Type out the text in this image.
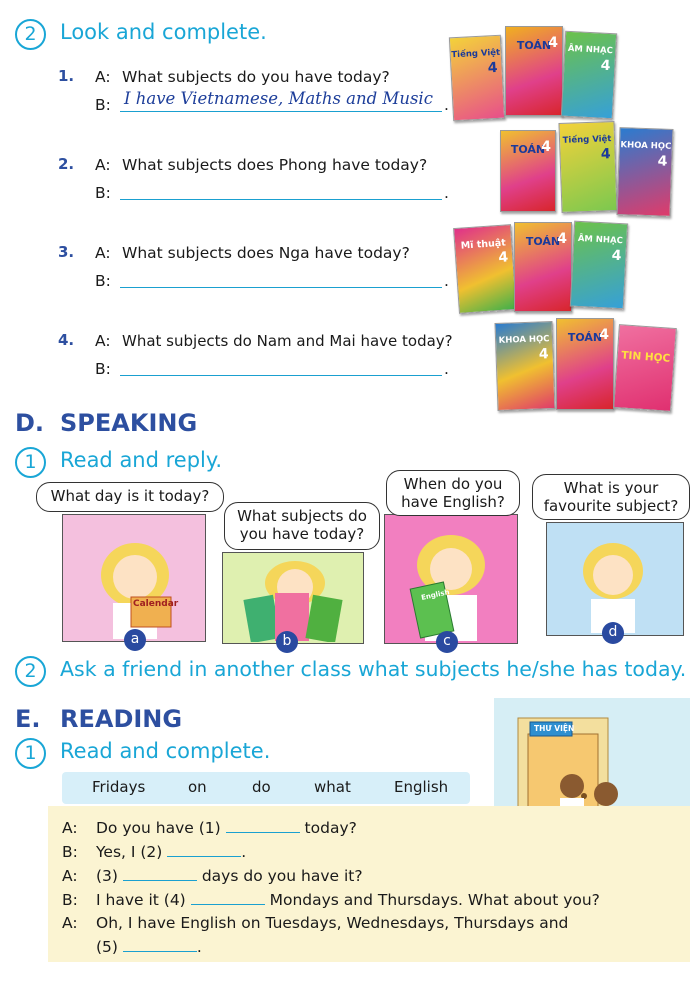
2	Look and complete.
1. A: What subjects do you have today?
B: I have Vietnamese, Maths and Music .
2. A: What subjects does Phong have today?
B:	.
3. A: What subjects does Nga have today?
B:	.
4. A: What subjects do Nam and Mai have today?
B:	.
Tiếng Việt
4
TOÁN
4 ÂM NHẠC
4
TOÁN
4	Tiếng Việt
4
KHOA HỌC
4
Mĩ thuật
4
TOÁN
4	ÂM NHẠC
4
KHOA HỌC
4
TOÁN
4
TIN HỌC
D. SPEAKING
1	Read and reply.
Calendar
a
What day is it today?
b
What subjects do you have today?
English
c
When do you have English?
d
What is your favourite subject?
2	Ask a friend in another class what subjects he/she has today.
E. READING
1	Read and complete.
THƯ VIỆN
Fridays	on	do	what	English
A: Do you have (1)	today?
B: Yes, I (2)	.
A: (3)	days do you have it?
B: I have it (4)	Mondays and Thursdays. What about you?
A: Oh, I have English on Tuesdays, Wednesdays, Thursdays and
(5)	.
